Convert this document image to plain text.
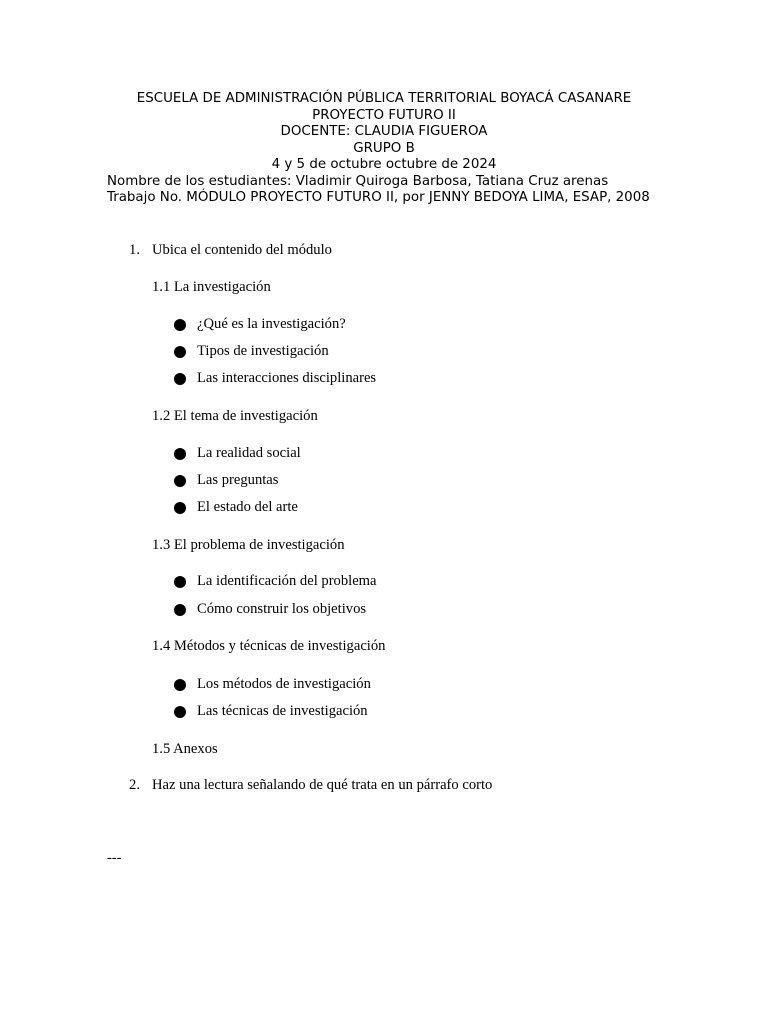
ESCUELA DE ADMINISTRACIÓN PÚBLICA TERRITORIAL BOYACÁ CASANARE
PROYECTO FUTURO II
DOCENTE: CLAUDIA FIGUEROA
GRUPO B
4 y 5 de octubre octubre de 2024
Nombre de los estudiantes: Vladimir Quiroga Barbosa, Tatiana Cruz arenas
Trabajo No. MÓDULO PROYECTO FUTURO II, por JENNY BEDOYA LIMA, ESAP, 2008
1. Ubica el contenido del módulo
1.1 La investigación
¿Qué es la investigación?
Tipos de investigación
Las interacciones disciplinares
1.2 El tema de investigación
La realidad social
Las preguntas
El estado del arte
1.3 El problema de investigación
La identificación del problema
Cómo construir los objetivos
1.4 Métodos y técnicas de investigación
Los métodos de investigación
Las técnicas de investigación
1.5 Anexos
2. Haz una lectura señalando de qué trata en un párrafo corto
---
